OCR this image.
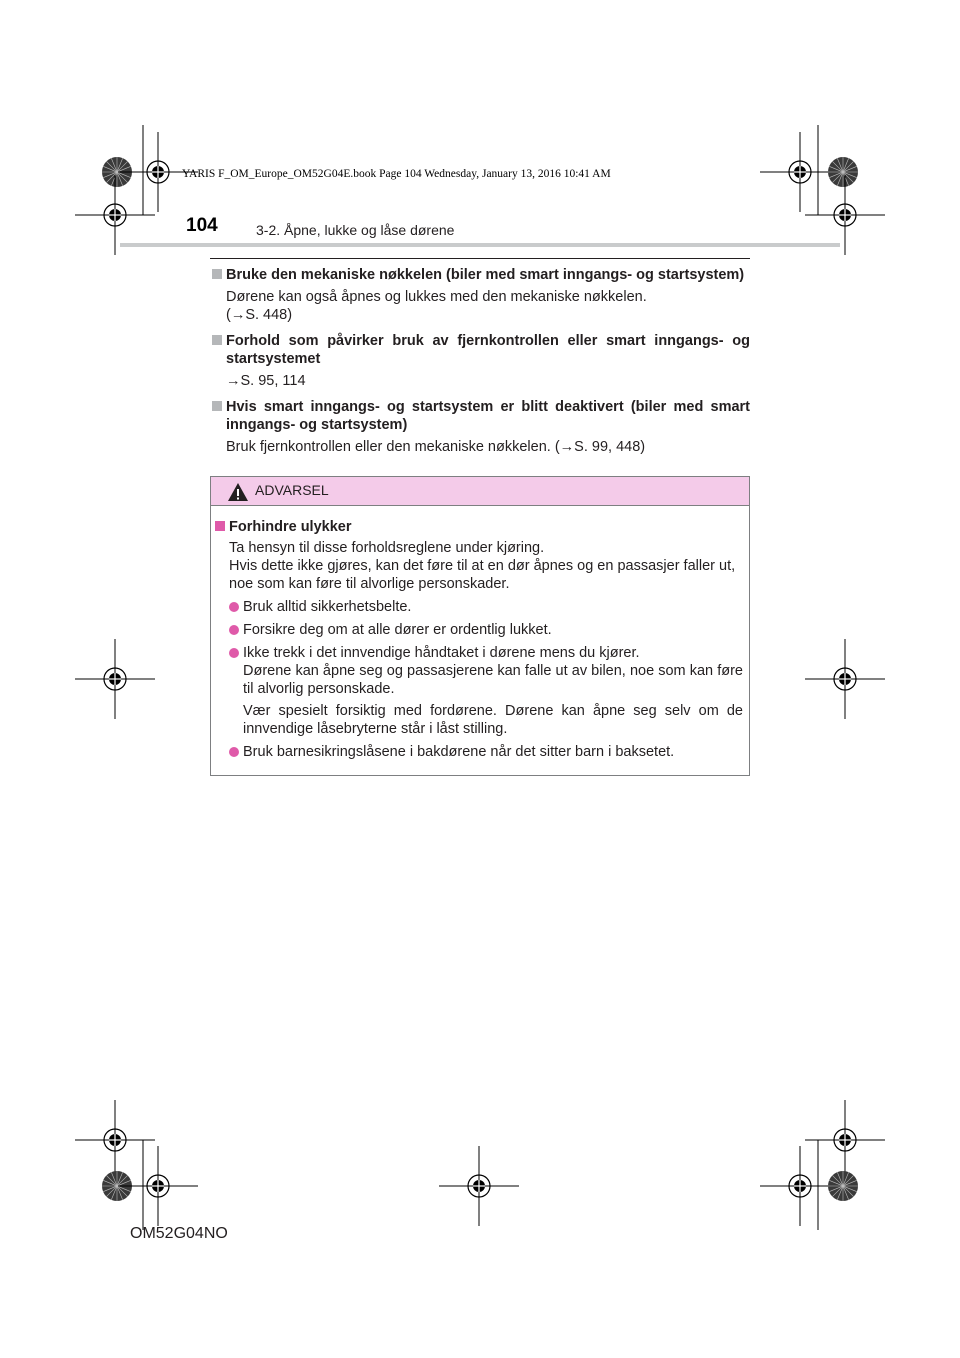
YARIS F_OM_Europe_OM52G04E.book Page 104 Wednesday, January 13, 2016 10:41 AM
104	3-2. Åpne, lukke og låse dørene
Bruke den mekaniske nøkkelen (biler med smart inngangs- og startsystem)
Dørene kan også åpnes og lukkes med den mekaniske nøkkelen.
(→S. 448)
Forhold som påvirker bruk av fjernkontrollen eller smart inngangs- og startsystemet
→S. 95, 114
Hvis smart inngangs- og startsystem er blitt deaktivert (biler med smart inngangs- og startsystem)
Bruk fjernkontrollen eller den mekaniske nøkkelen. (→S. 99, 448)
ADVARSEL
Forhindre ulykker
Ta hensyn til disse forholdsreglene under kjøring.
Hvis dette ikke gjøres, kan det føre til at en dør åpnes og en passasjer faller ut, noe som kan føre til alvorlige personskader.
Bruk alltid sikkerhetsbelte.
Forsikre deg om at alle dører er ordentlig lukket.
Ikke trekk i det innvendige håndtaket i dørene mens du kjører.
Dørene kan åpne seg og passasjerene kan falle ut av bilen, noe som kan føre til alvorlig personskade.
Vær spesielt forsiktig med fordørene. Dørene kan åpne seg selv om de innvendige låsebryterne står i låst stilling.
Bruk barnesikringslåsene i bakdørene når det sitter barn i baksetet.
OM52G04NO
